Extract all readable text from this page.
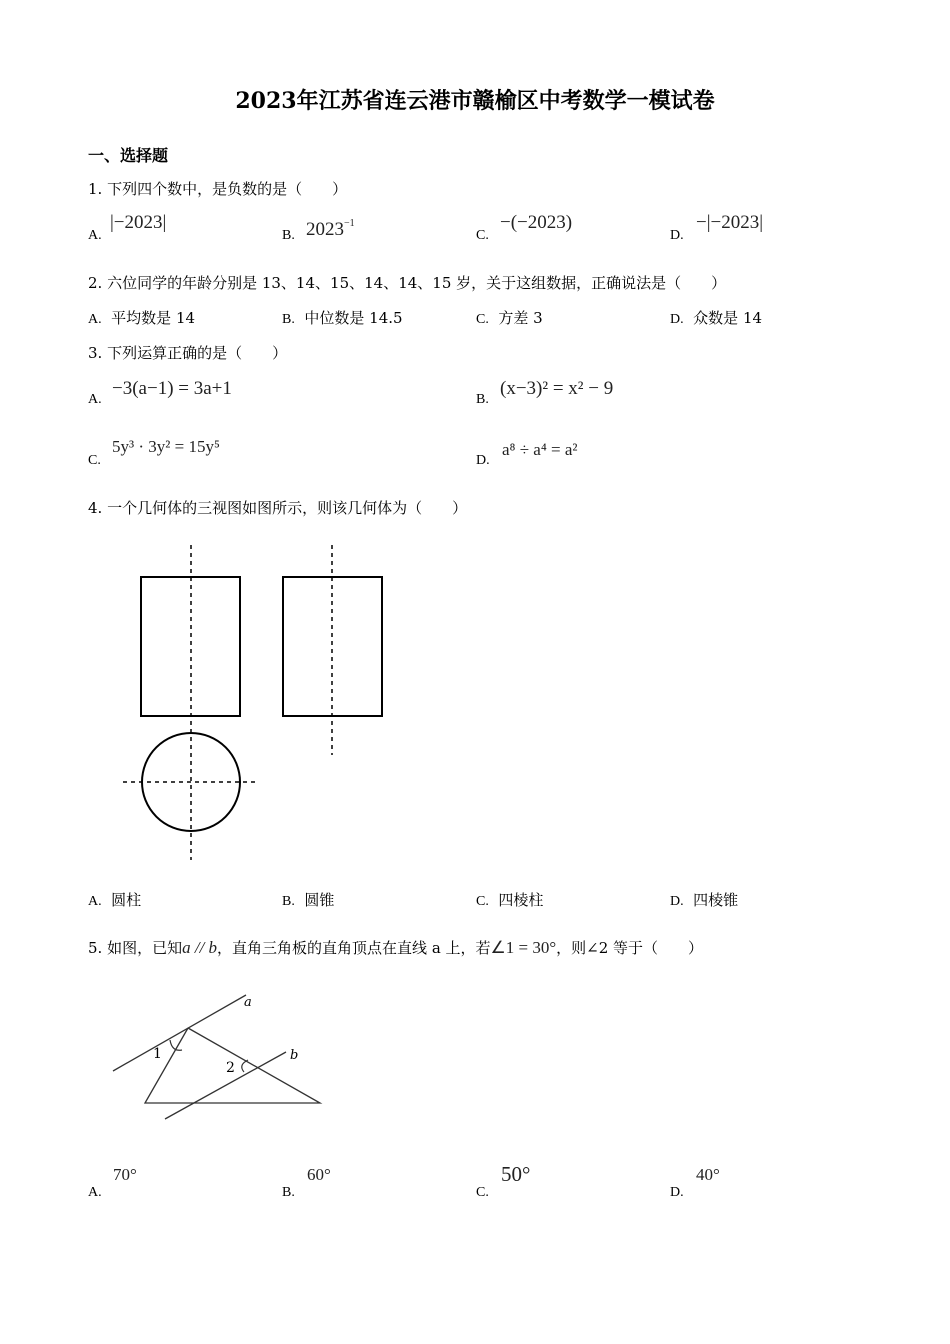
2023年江苏省连云港市赣榆区中考数学一模试卷
一、选择题
1. 下列四个数中，是负数的是（　　）
A.
|−2023|
B. $2023^{-1}$
C.
−(−2023)
D.
−|−2023|
2. 六位同学的年龄分别是 13、14、15、14、14、15 岁，关于这组数据，正确说法是（　　）
A. 平均数是 14	B. 中位数是 14.5	C. 方差 3	D. 众数是 14
3. 下列运算正确的是（　　）
A.
−3(a−1) = 3a+1
B.
(x−3)² = x² − 9
C.
5y³ · 3y² = 15y⁵
D.
a⁸ ÷ a⁴ = a²
4. 一个几何体的三视图如图所示，则该几何体为（　　）
A. 圆柱	B. 圆锥	C. 四棱柱	D. 四棱锥
5. 如图，已知a // b，直角三角板的直角顶点在直线 a 上，若∠1 = 30°，则∠2 等于（　　）
a
b
1
2
A.
70°
B.
60°
C.
50°
D.
40°
